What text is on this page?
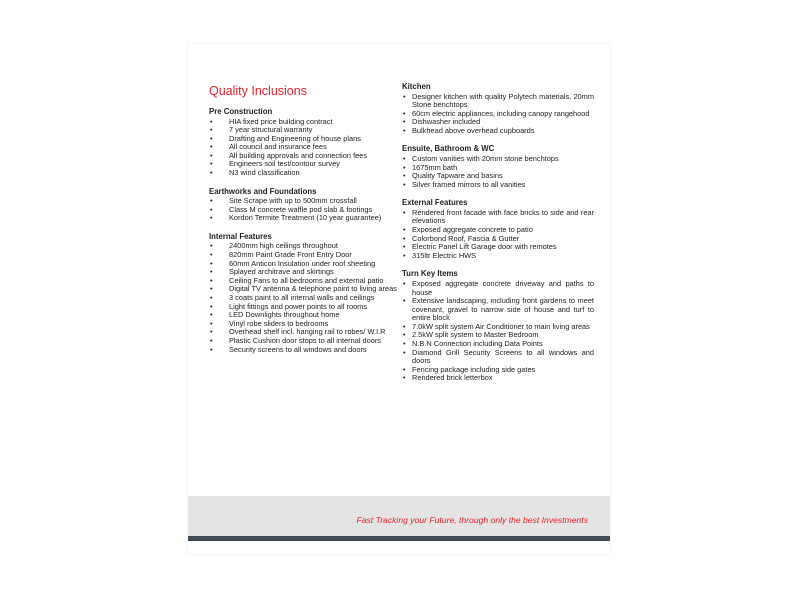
Quality Inclusions
Pre Construction
• HIA fixed price building contract
• 7 year structural warranty
• Drafting and Engineering of house plans
• All council and insurance fees
• All building approvals and connection fees
• Engineers soil test/contour survey
• N3 wind classification
Earthworks and Foundations
• Site Scrape with up to 500mm crossfall
• Class M concrete waffle pod slab & footings
• Kordon Termite Treatment (10 year guarantee)
Internal Features
• 2400mm high ceilings throughout
• 820mm Paint Grade Front Entry Door
• 60mm Anticon Insulation under roof sheeting
• Splayed architrave and skirtings
• Ceiling Fans to all bedrooms and external patio
• Digital TV antenna & telephone point to living areas
• 3 coats paint to all internal walls and ceilings
• Light fittings and power points to all rooms
• LED Downlights throughout home
• Vinyl robe sliders to bedrooms
• Overhead shelf incl. hanging rail to robes/ W.I.R
• Plastic Cushion door stops to all internal doors
• Security screens to all windows and doors
Kitchen
• Designer kitchen with quality Polytech materials, 20mm Stone benchtops
• 60cm electric appliances, including canopy rangehood
• Dishwasher included
• Bulkhead above overhead cupboards
Ensuite, Bathroom & WC
• Custom vanities with 20mm stone benchtops
• 1675mm bath
• Quality Tapware and basins
• Silver framed mirrors to all vanities
External Features
• Rendered front facade with face bricks to side and rear elevations
• Exposed aggregate concrete to patio
• Colorbond Roof, Fascia & Gutter
• Electric Panel Lift Garage door with remotes
• 315ltr Electric HWS
Turn Key Items
• Exposed aggregate concrete driveway and paths to house
• Extensive landscaping, including front gardens to meet covenant, gravel to narrow side of house and turf to entire block
• 7.0kW split system Air Conditioner to main living areas
• 2.5kW split system to Master Bedroom
• N.B.N Connection including Data Points
• Diamond Grill Security Screens to all windows and doors
• Fencing package including side gates
• Rendered brick letterbox
Fast Tracking your Future, through only the best Investments
